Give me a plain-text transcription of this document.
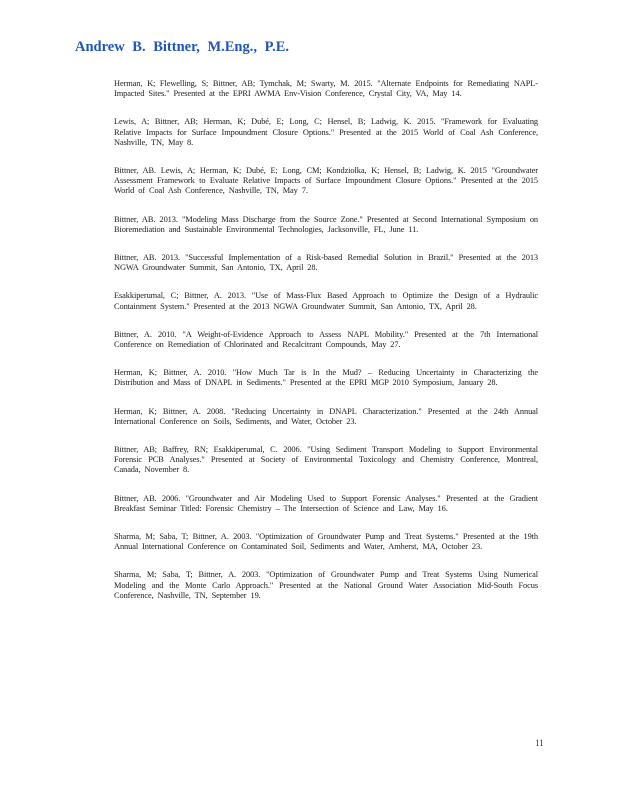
Andrew B. Bittner, M.Eng., P.E.

Herman, K; Flewelling, S; Bittner, AB; Tymchak, M; Swarty, M. 2015. "Alternate Endpoints for Remediating NAPL-Impacted Sites." Presented at the EPRI AWMA Env-Vision Conference, Crystal City, VA, May 14.

Lewis, A; Bittner, AB; Herman, K; Dubé, E; Long, C; Hensel, B; Ladwig, K. 2015. "Framework for Evaluating Relative Impacts for Surface Impoundment Closure Options." Presented at the 2015 World of Coal Ash Conference, Nashville, TN, May 8.

Bittner, AB. Lewis, A; Herman, K; Dubé, E; Long, CM; Kondziolka, K; Hensel, B; Ladwig, K. 2015 "Groundwater Assessment Framework to Evaluate Relative Impacts of Surface Impoundment Closure Options." Presented at the 2015 World of Coal Ash Conference, Nashville, TN, May 7.

Bittner, AB. 2013. "Modeling Mass Discharge from the Source Zone." Presented at Second International Symposium on Bioremediation and Sustainable Environmental Technologies, Jacksonville, FL, June 11.

Bittner, AB. 2013. "Successful Implementation of a Risk-based Remedial Solution in Brazil." Presented at the 2013 NGWA Groundwater Summit, San Antonio, TX, April 28.

Esakkiperumal, C; Bittner, A. 2013. "Use of Mass-Flux Based Approach to Optimize the Design of a Hydraulic Containment System." Presented at the 2013 NGWA Groundwater Summit, San Antonio, TX, April 28.

Bittner, A. 2010. "A Weight-of-Evidence Approach to Assess NAPL Mobility." Presented at the 7th International Conference on Remediation of Chlorinated and Recalcitrant Compounds, May 27.

Herman, K; Bittner, A. 2010. "How Much Tar is In the Mud? – Reducing Uncertainty in Characterizing the Distribution and Mass of DNAPL in Sediments." Presented at the EPRI MGP 2010 Symposium, January 28.

Herman, K; Bittner, A. 2008. "Reducing Uncertainty in DNAPL Characterization." Presented at the 24th Annual International Conference on Soils, Sediments, and Water, October 23.

Bittner, AB; Baffrey, RN; Esakkiperumal, C. 2006. "Using Sediment Transport Modeling to Support Environmental Forensic PCB Analyses." Presented at Society of Environmental Toxicology and Chemistry Conference, Montreal, Canada, November 8.

Bittner, AB. 2006. "Groundwater and Air Modeling Used to Support Forensic Analyses." Presented at the Gradient Breakfast Seminar Titled: Forensic Chemistry – The Intersection of Science and Law, May 16.

Sharma, M; Saba, T; Bittner, A. 2003. "Optimization of Groundwater Pump and Treat Systems." Presented at the 19th Annual International Conference on Contaminated Soil, Sediments and Water, Amherst, MA, October 23.

Sharma, M; Saba, T; Bittner, A. 2003. "Optimization of Groundwater Pump and Treat Systems Using Numerical Modeling and the Monte Carlo Approach." Presented at the National Ground Water Association Mid-South Focus Conference, Nashville, TN, September 19.

11
